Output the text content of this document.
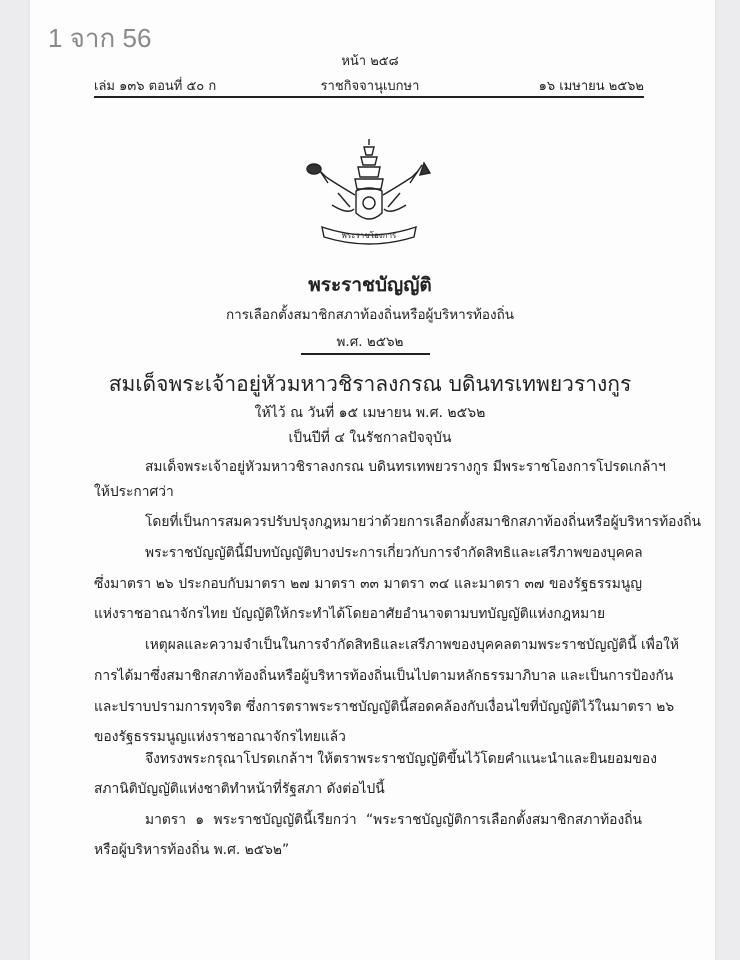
1 จาก 56
หน้า ๒๕๘
เล่ม ๑๓๖ ตอนที่ ๕๐ ก	ราชกิจจานุเบกษา	๑๖ เมษายน ๒๕๖๒
พระราชโองการ
พระราชบัญญัติ
การเลือกตั้งสมาชิกสภาท้องถิ่นหรือผู้บริหารท้องถิ่น
พ.ศ. ๒๕๖๒
สมเด็จพระเจ้าอยู่หัวมหาวชิราลงกรณ บดินทรเทพยวรางกูร
ให้ไว้ ณ วันที่ ๑๕ เมษายน พ.ศ. ๒๕๖๒
เป็นปีที่ ๔ ในรัชกาลปัจจุบัน
สมเด็จพระเจ้าอยู่หัวมหาวชิราลงกรณ บดินทรเทพยวรางกูร มีพระราชโองการโปรดเกล้าฯ
ให้ประกาศว่า
โดยที่เป็นการสมควรปรับปรุงกฎหมายว่าด้วยการเลือกตั้งสมาชิกสภาท้องถิ่นหรือผู้บริหารท้องถิ่น
พระราชบัญญัตินี้มีบทบัญญัติบางประการเกี่ยวกับการจำกัดสิทธิและเสรีภาพของบุคคล
ซึ่งมาตรา ๒๖ ประกอบกับมาตรา ๒๗ มาตรา ๓๓ มาตรา ๓๔ และมาตรา ๓๗ ของรัฐธรรมนูญ
แห่งราชอาณาจักรไทย บัญญัติให้กระทำได้โดยอาศัยอำนาจตามบทบัญญัติแห่งกฎหมาย
เหตุผลและความจำเป็นในการจำกัดสิทธิและเสรีภาพของบุคคลตามพระราชบัญญัตินี้ เพื่อให้
การได้มาซึ่งสมาชิกสภาท้องถิ่นหรือผู้บริหารท้องถิ่นเป็นไปตามหลักธรรมาภิบาล และเป็นการป้องกัน
และปราบปรามการทุจริต ซึ่งการตราพระราชบัญญัตินี้สอดคล้องกับเงื่อนไขที่บัญญัติไว้ในมาตรา ๒๖
ของรัฐธรรมนูญแห่งราชอาณาจักรไทยแล้ว
จึงทรงพระกรุณาโปรดเกล้าฯ ให้ตราพระราชบัญญัติขึ้นไว้โดยคำแนะนำและยินยอมของ
สภานิติบัญญัติแห่งชาติทำหน้าที่รัฐสภา ดังต่อไปนี้
มาตรา ๑ พระราชบัญญัตินี้เรียกว่า “พระราชบัญญัติการเลือกตั้งสมาชิกสภาท้องถิ่น
หรือผู้บริหารท้องถิ่น พ.ศ. ๒๕๖๒”
